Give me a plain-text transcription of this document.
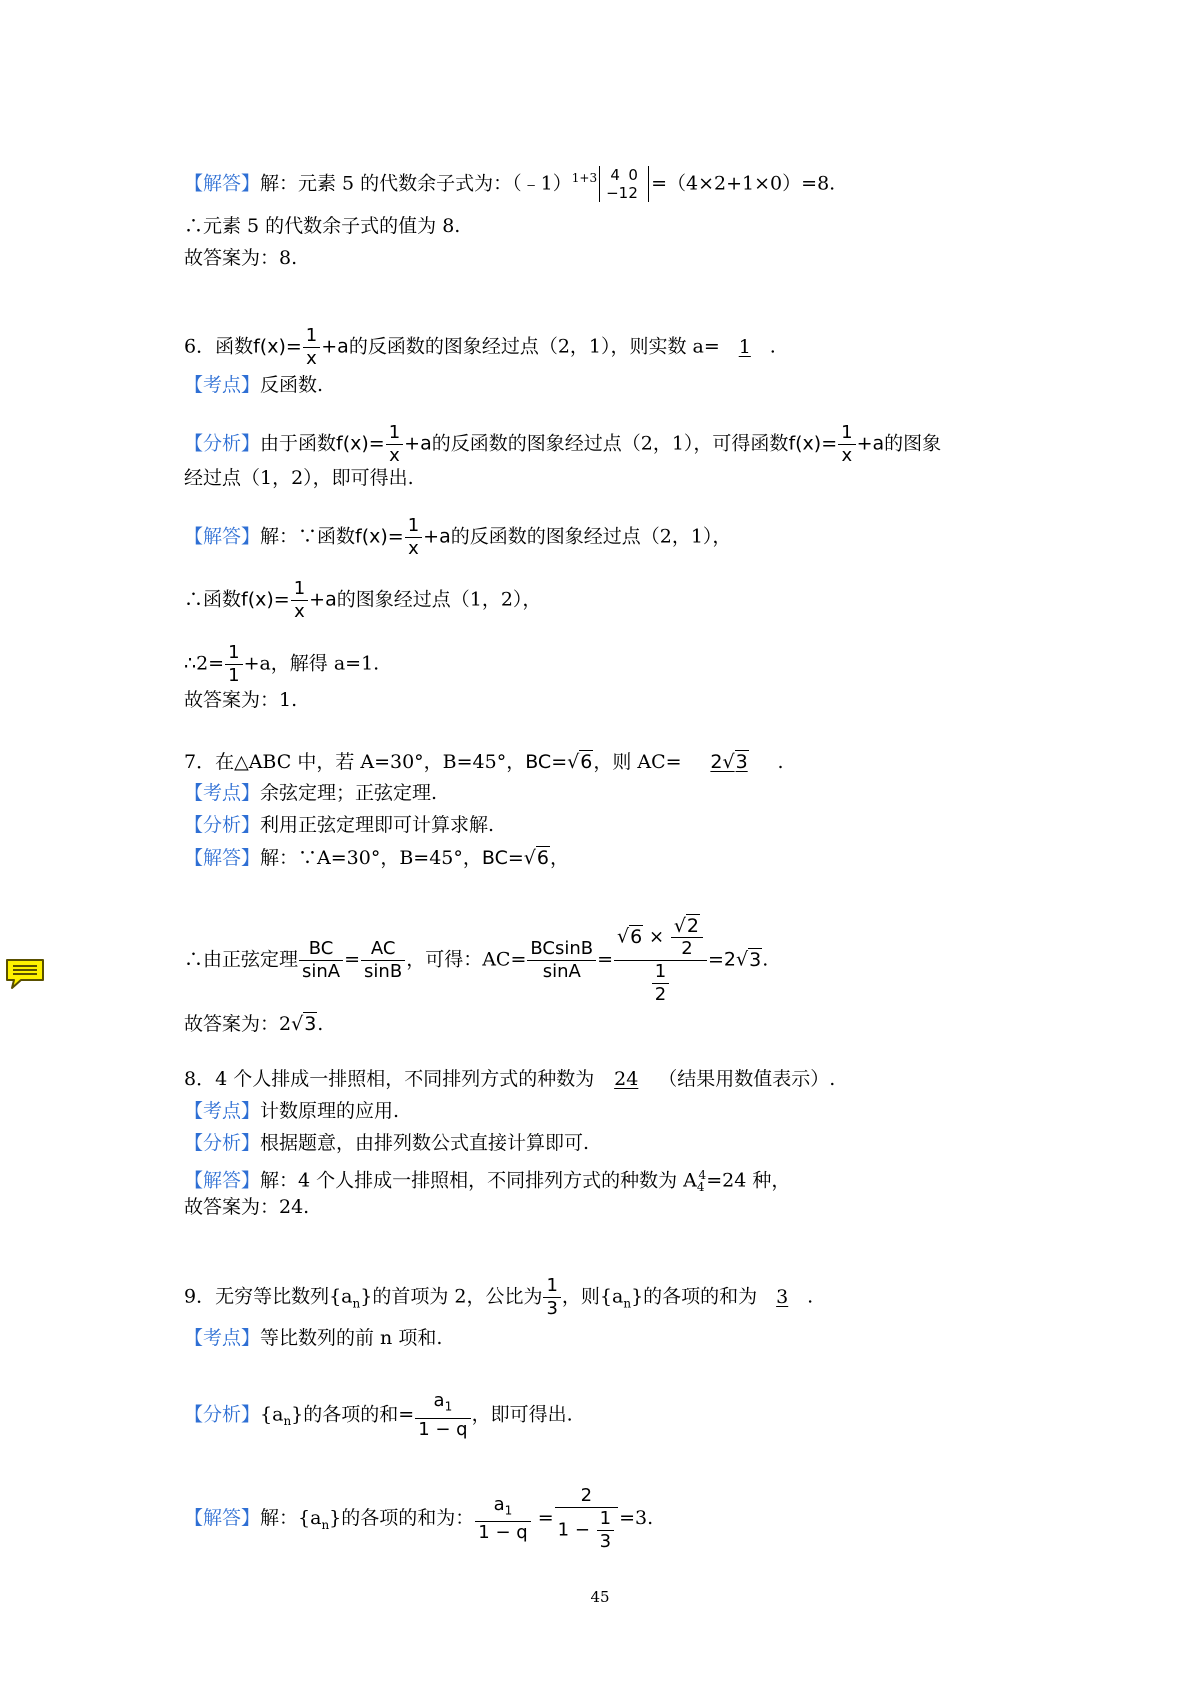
【解答】解：元素 5 的代数余子式为：（﹣1）$^{1+3}$ 4 0
−12 =（4×2+1×0）=8.
∴元素 5 的代数余子式的值为 8.
故答案为：8.
6．函数$f(x)= \frac{1}{x} +a$的反函数的图象经过点（2，1），则实数 a=1.
【考点】反函数.
【分析】由于函数$f(x)= \frac{1}{x} +a$的反函数的图象经过点（2，1），可得函数$f(x)= \frac{1}{x} +a$的图象
经过点（1，2），即可得出.
【解答】解：∵函数$f(x)= \frac{1}{x} +a$的反函数的图象经过点（2，1），
∴函数$f(x)= \frac{1}{x} +a$的图象经过点（1，2），
∴2= $\frac{1}{1} +a$，解得 a=1.
故答案为：1.
7．在△ABC 中，若 A=30°，B=45°，BC=√6，则 AC= 2√3 .
【考点】余弦定理；正弦定理.
【分析】利用正弦定理即可计算求解.
【解答】解：∵A=30°，B=45°，BC=√6，
∴由正弦定理 $\frac{BC}{\sin A} = \frac{AC}{\sin B}$ ，可得：$AC= \frac{BCsinB}{\sin A} = \frac{√6 \times \frac{√2}{2}}{\frac{1}{2}} =2√3$.
故答案为：2√3.
8．4 个人排成一排照相，不同排列方式的种数为24（结果用数值表示）.
【考点】计数原理的应用.
【分析】根据题意，由排列数公式直接计算即可.
【解答】解：4 个人排成一排照相，不同排列方式的种数为 $A_4^4=24$ 种，
故答案为：24.
9．无穷等比数列$\{a_n\}$的首项为 2，公比为 $\frac{1}{3}$ ，则$\{a_n\}$的各项的和为3.
【考点】等比数列的前 n 项和.
【分析】$\{a_n\}$的各项的和= $\frac{a_1}{1 - q}$ ，即可得出.
【解答】解：$\{a_n\}$的各项的和为： $\frac{a_1}{1 - q} = \frac{2}{1 - \frac{1}{3}} =3$.
45
